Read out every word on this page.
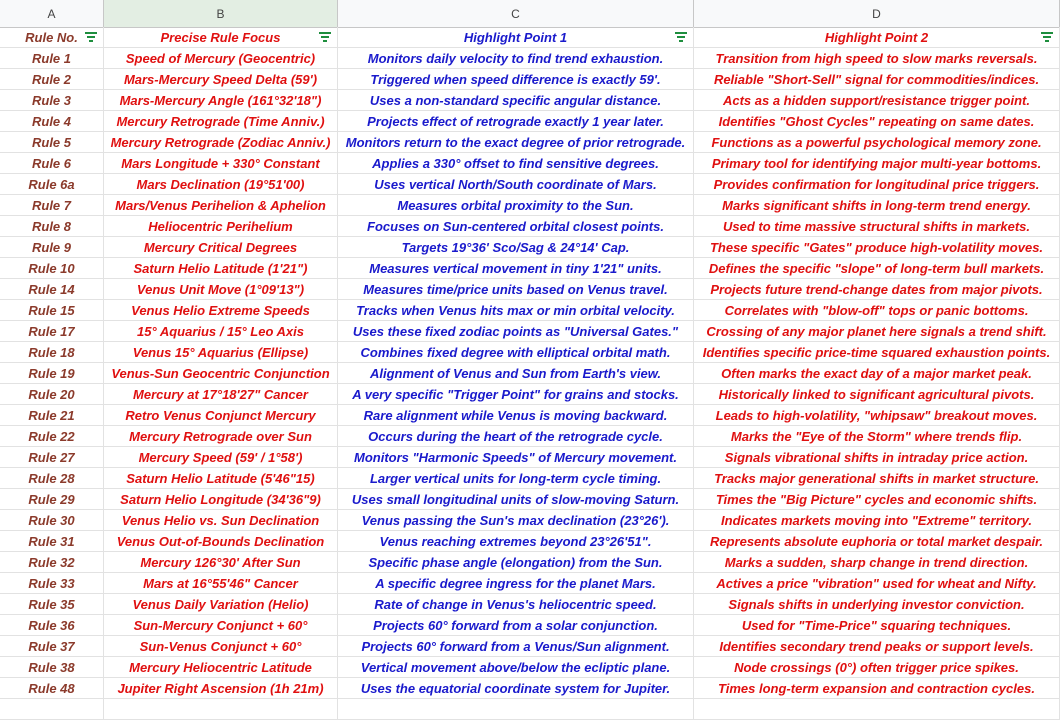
A	B	C	D
Rule No.	Precise Rule Focus	Highlight Point 1	Highlight Point 2
Rule 1	Speed of Mercury (Geocentric)	Monitors daily velocity to find trend exhaustion.	Transition from high speed to slow marks reversals.
Rule 2	Mars-Mercury Speed Delta (59')	Triggered when speed difference is exactly 59'.	Reliable "Short-Sell" signal for commodities/indices.
Rule 3	Mars-Mercury Angle (161°32'18")	Uses a non-standard specific angular distance.	Acts as a hidden support/resistance trigger point.
Rule 4	Mercury Retrograde (Time Anniv.)	Projects effect of retrograde exactly 1 year later.	Identifies "Ghost Cycles" repeating on same dates.
Rule 5	Mercury Retrograde (Zodiac Anniv.)	Monitors return to the exact degree of prior retrograde.	Functions as a powerful psychological memory zone.
Rule 6	Mars Longitude + 330° Constant	Applies a 330° offset to find sensitive degrees.	Primary tool for identifying major multi-year bottoms.
Rule 6a	Mars Declination (19°51'00)	Uses vertical North/South coordinate of Mars.	Provides confirmation for longitudinal price triggers.
Rule 7	Mars/Venus Perihelion & Aphelion	Measures orbital proximity to the Sun.	Marks significant shifts in long-term trend energy.
Rule 8	Heliocentric Perihelium	Focuses on Sun-centered orbital closest points.	Used to time massive structural shifts in markets.
Rule 9	Mercury Critical Degrees	Targets 19°36' Sco/Sag & 24°14' Cap.	These specific "Gates" produce high-volatility moves.
Rule 10	Saturn Helio Latitude (1'21")	Measures vertical movement in tiny 1'21" units.	Defines the specific "slope" of long-term bull markets.
Rule 14	Venus Unit Move (1°09'13")	Measures time/price units based on Venus travel.	Projects future trend-change dates from major pivots.
Rule 15	Venus Helio Extreme Speeds	Tracks when Venus hits max or min orbital velocity.	Correlates with "blow-off" tops or panic bottoms.
Rule 17	15° Aquarius / 15° Leo Axis	Uses these fixed zodiac points as "Universal Gates."	Crossing of any major planet here signals a trend shift.
Rule 18	Venus 15° Aquarius (Ellipse)	Combines fixed degree with elliptical orbital math.	Identifies specific price-time squared exhaustion points.
Rule 19	Venus-Sun Geocentric Conjunction	Alignment of Venus and Sun from Earth's view.	Often marks the exact day of a major market peak.
Rule 20	Mercury at 17°18'27" Cancer	A very specific "Trigger Point" for grains and stocks.	Historically linked to significant agricultural pivots.
Rule 21	Retro Venus Conjunct Mercury	Rare alignment while Venus is moving backward.	Leads to high-volatility, "whipsaw" breakout moves.
Rule 22	Mercury Retrograde over Sun	Occurs during the heart of the retrograde cycle.	Marks the "Eye of the Storm" where trends flip.
Rule 27	Mercury Speed (59' / 1°58')	Monitors "Harmonic Speeds" of Mercury movement.	Signals vibrational shifts in intraday price action.
Rule 28	Saturn Helio Latitude (5'46"15)	Larger vertical units for long-term cycle timing.	Tracks major generational shifts in market structure.
Rule 29	Saturn Helio Longitude (34'36"9)	Uses small longitudinal units of slow-moving Saturn.	Times the "Big Picture" cycles and economic shifts.
Rule 30	Venus Helio vs. Sun Declination	Venus passing the Sun's max declination (23°26').	Indicates markets moving into "Extreme" territory.
Rule 31	Venus Out-of-Bounds Declination	Venus reaching extremes beyond 23°26'51".	Represents absolute euphoria or total market despair.
Rule 32	Mercury 126°30' After Sun	Specific phase angle (elongation) from the Sun.	Marks a sudden, sharp change in trend direction.
Rule 33	Mars at 16°55'46" Cancer	A specific degree ingress for the planet Mars.	Actives a price "vibration" used for wheat and Nifty.
Rule 35	Venus Daily Variation (Helio)	Rate of change in Venus's heliocentric speed.	Signals shifts in underlying investor conviction.
Rule 36	Sun-Mercury Conjunct + 60°	Projects 60° forward from a solar conjunction.	Used for "Time-Price" squaring techniques.
Rule 37	Sun-Venus Conjunct + 60°	Projects 60° forward from a Venus/Sun alignment.	Identifies secondary trend peaks or support levels.
Rule 38	Mercury Heliocentric Latitude	Vertical movement above/below the ecliptic plane.	Node crossings (0°) often trigger price spikes.
Rule 48	Jupiter Right Ascension (1h 21m)	Uses the equatorial coordinate system for Jupiter.	Times long-term expansion and contraction cycles.
